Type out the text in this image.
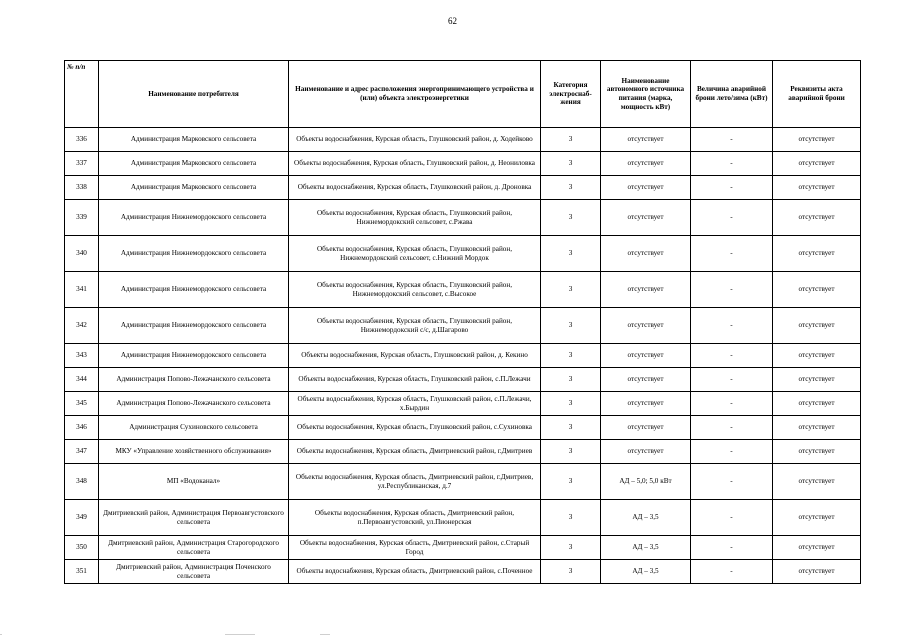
62
№ п/п	Наименование потребителя	Наименование и адрес расположения энергопринимающего устройства и (или) объекта электроэнергетики	Категория электроснаб-жения	Наименование автономного источника питания (марка, мощность кВт)	Величина аварийной брони лето/зима (кВт)	Реквизиты акта аварийной брони
336	Администрация Марковского сельсовета	Объекты водоснабжения, Курская область, Глушковский район, д. Ходейково	3	отсутствует	-	отсутствует
337	Администрация Марковского сельсовета	Объекты водоснабжения, Курская область, Глушковский район, д. Неониловка	3	отсутствует	-	отсутствует
338	Администрация Марковского сельсовета	Объекты водоснабжения, Курская область, Глушковский район, д. Дроновка	3	отсутствует	-	отсутствует
339	Администрация Нижнемордокского сельсовета	Объекты водоснабжения, Курская область, Глушковский район, Нижнемордокский сельсовет, с.Ржава	3	отсутствует	-	отсутствует
340	Администрация Нижнемордокского сельсовета	Объекты водоснабжения, Курская область, Глушковский район, Нижнемордокский сельсовет, с.Нижний Мордок	3	отсутствует	-	отсутствует
341	Администрация Нижнемордокского сельсовета	Объекты водоснабжения, Курская область, Глушковский район, Нижнемордокский сельсовет, с.Высокое	3	отсутствует	-	отсутствует
342	Администрация Нижнемордокского сельсовета	Объекты водоснабжения, Курская область, Глушковский район, Нижнемордокский с/с, д.Шагарово	3	отсутствует	-	отсутствует
343	Администрация Нижнемордокского сельсовета	Объекты водоснабжения, Курская область, Глушковский район, д. Кекино	3	отсутствует	-	отсутствует
344	Администрация Попово-Лежачанского сельсовета	Объекты водоснабжения, Курская область, Глушковский район, с.П.Лежачи	3	отсутствует	-	отсутствует
345	Администрация Попово-Лежачанского сельсовета	Объекты водоснабжения, Курская область, Глушковский район, с.П.Лежачи, х.Бырдин	3	отсутствует	-	отсутствует
346	Администрация Сухиновского сельсовета	Объекты водоснабжения, Курская область, Глушковский район, с.Сухиновка	3	отсутствует	-	отсутствует
347	МКУ «Управление хозяйственного обслуживания»	Объекты водоснабжения, Курская область, Дмитриевский район, г.Дмитриев	3	отсутствует	-	отсутствует
348	МП «Водоканал»	Объекты водоснабжения, Курская область, Дмитриевский район, г.Дмитриев, ул.Республиканская, д.7	3	АД – 5,0; 5,0 кВт	-	отсутствует
349	Дмитриевский район, Администрация Первоавгустовского сельсовета	Объекты водоснабжения, Курская область, Дмитриевский район, п.Первоавгустовский, ул.Пионерская	3	АД – 3,5	-	отсутствует
350	Дмитриевский район, Администрация Старогородского сельсовета	Объекты водоснабжения, Курская область, Дмитриевский район, с.Старый Город	3	АД – 3,5	-	отсутствует
351	Дмитриевский район, Администрация Поченского сельсовета	Объекты водоснабжения, Курская область, Дмитриевский район, с.Поченное	3	АД – 3,5	-	отсутствует
